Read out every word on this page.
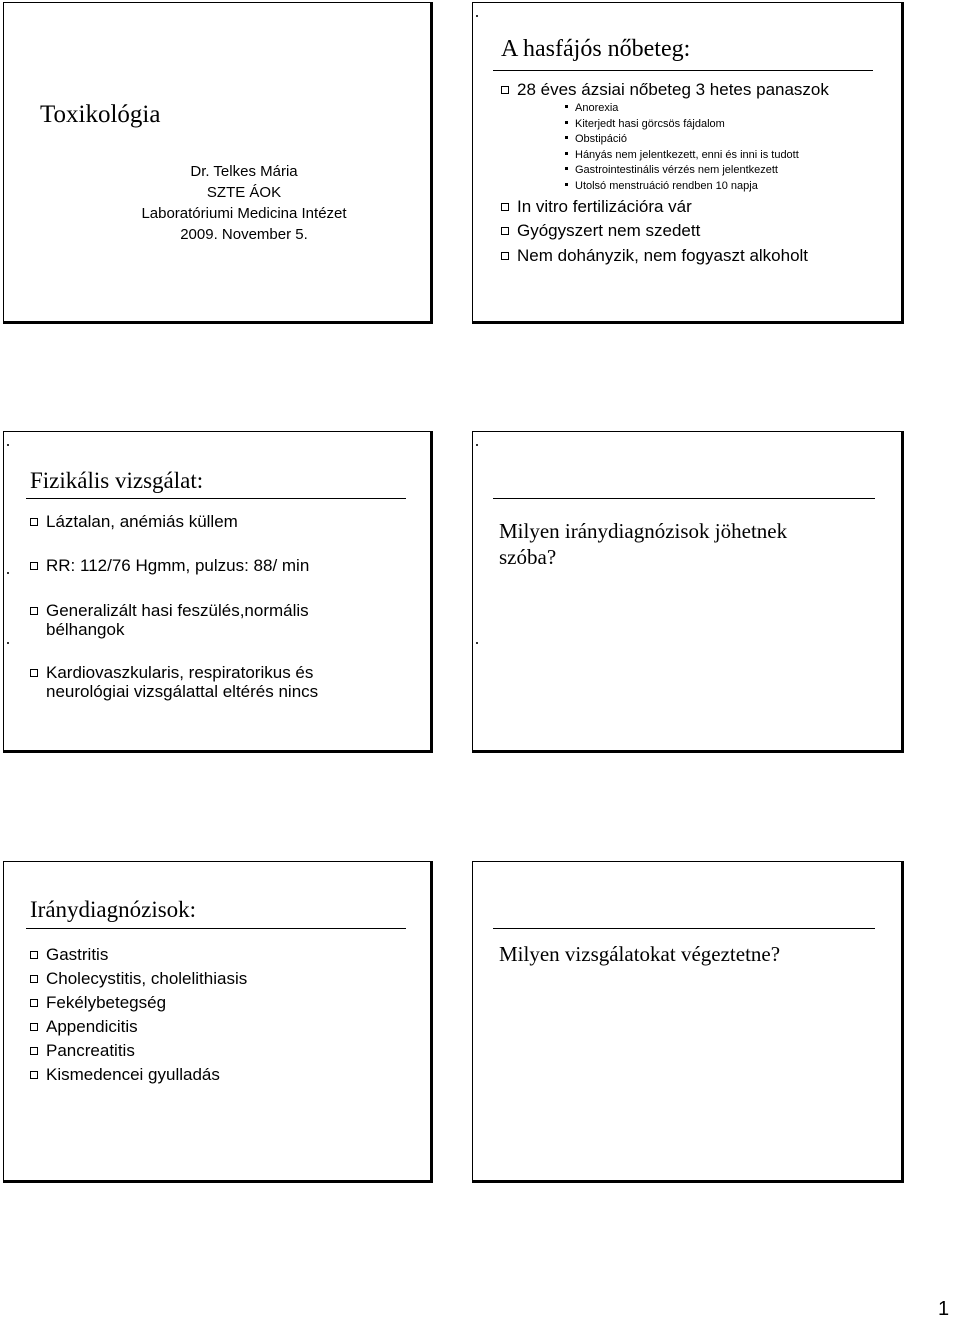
Toxikológia
Dr. Telkes Mária
SZTE ÁOK
Laboratóriumi Medicina Intézet
2009. November 5.
A hasfájós nőbeteg:
28 éves ázsiai nőbeteg 3 hetes panaszok
Anorexia
Kiterjedt hasi görcsös fájdalom
Obstipáció
Hányás nem jelentkezett, enni és inni is tudott
Gastrointestinális vérzés nem jelentkezett
Utolsó menstruáció rendben 10 napja
In vitro fertilizációra vár
Gyógyszert nem szedett
Nem dohányzik, nem fogyaszt alkoholt
Fizikális vizsgálat:
Láztalan, anémiás küllem
RR: 112/76 Hgmm, pulzus: 88/ min
Generalizált hasi feszülés,normális
bélhangok
Kardiovaszkularis, respiratorikus és
neurológiai vizsgálattal eltérés nincs
Milyen iránydiagnózisok jöhetnek
szóba?
Iránydiagnózisok:
Gastritis
Cholecystitis, cholelithiasis
Fekélybetegség
Appendicitis
Pancreatitis
Kismedencei gyulladás
Milyen vizsgálatokat végeztetne?
1
